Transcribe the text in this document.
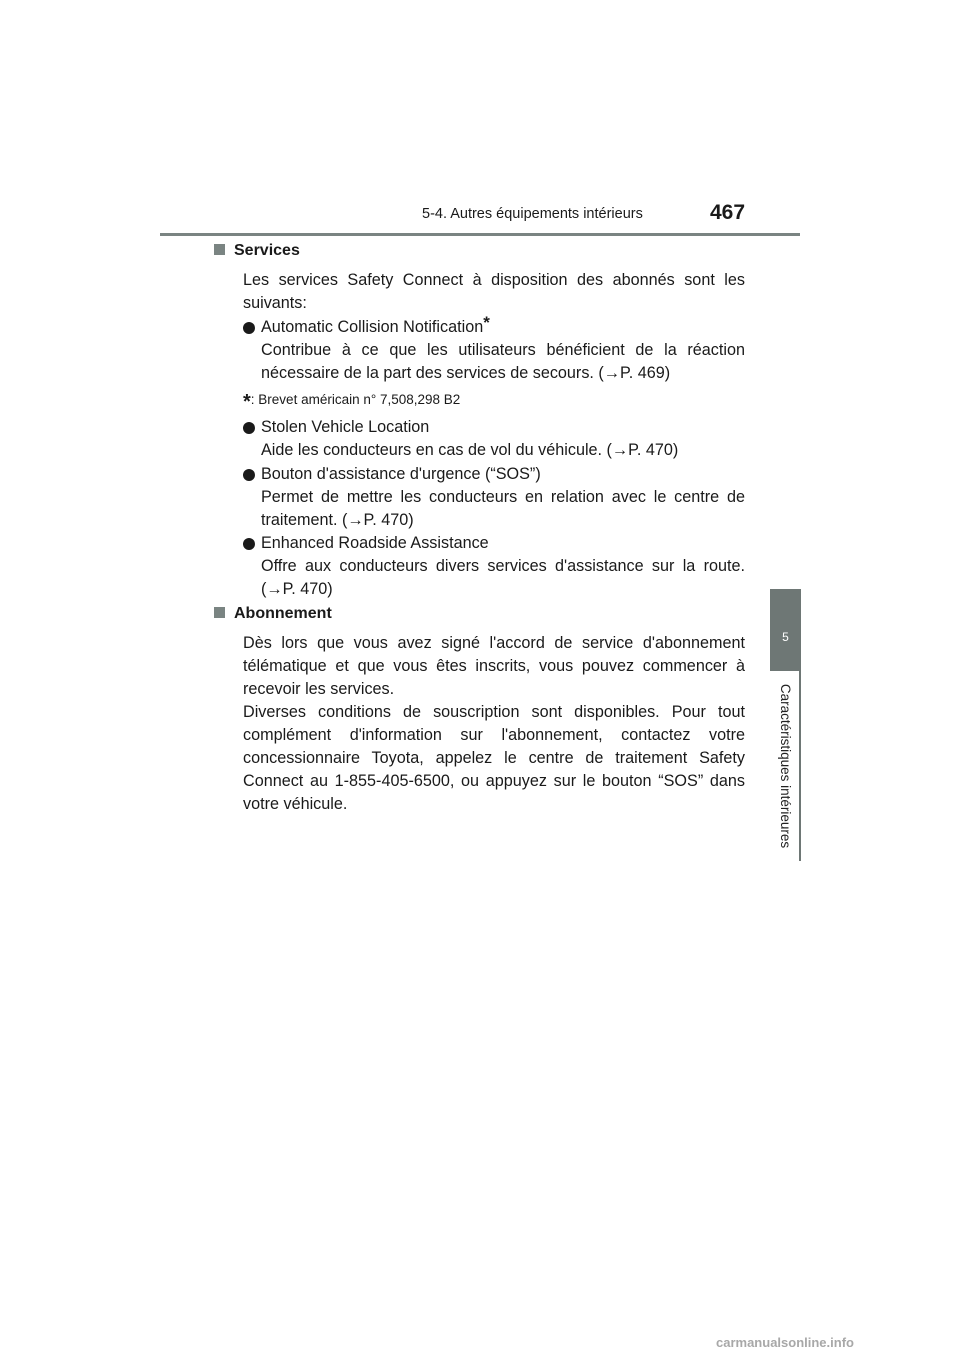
5-4. Autres équipements intérieurs	467
5
Caractéristiques intérieures
Services
Les services Safety Connect à disposition des abonnés sont les
suivants:
Automatic Collision Notification*
Contribue à ce que les utilisateurs bénéficient de la réaction
nécessaire de la part des services de secours. (→P. 469)
*: Brevet américain n° 7,508,298 B2
Stolen Vehicle Location
Aide les conducteurs en cas de vol du véhicule. (→P. 470)
Bouton d'assistance d'urgence (“SOS”)
Permet de mettre les conducteurs en relation avec le centre de
traitement. (→P. 470)
Enhanced Roadside Assistance
Offre aux conducteurs divers services d'assistance sur la route.
(→P. 470)
Abonnement
Dès lors que vous avez signé l'accord de service d'abonnement
télématique et que vous êtes inscrits, vous pouvez commencer à
recevoir les services.
Diverses conditions de souscription sont disponibles. Pour tout
complément d'information sur l'abonnement, contactez votre
concessionnaire Toyota, appelez le centre de traitement Safety
Connect au 1-855-405-6500, ou appuyez sur le bouton “SOS” dans
votre véhicule.
carmanualsonline.info
